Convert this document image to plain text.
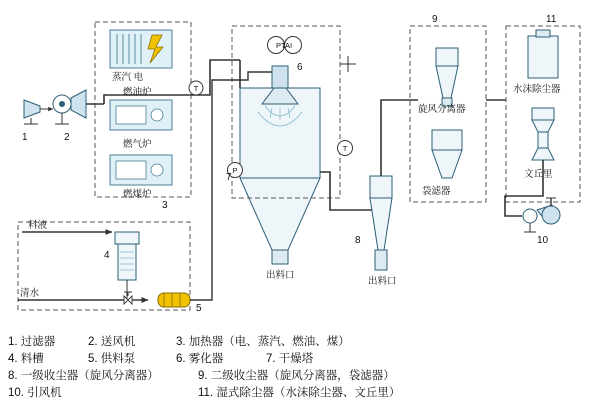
1	2
3
4
5
6
7
8
9
10
11
蒸汽 电
燃油炉
燃气炉
燃煤炉
料液
清水
旋风分离器
袋滤器
水沫除尘器
文丘里
出料口
出料口
PTAI
T
T
P
1. 过滤器	2. 送风机	3. 加热器（电、蒸汽、燃油、煤）
4. 料槽	5. 供料泵	6. 雾化器	7. 干燥塔
8. 一级收尘器（旋风分离器）	9. 二级收尘器（旋风分离器，袋滤器）
10. 引风机	11. 湿式除尘器（水沫除尘器、文丘里）
